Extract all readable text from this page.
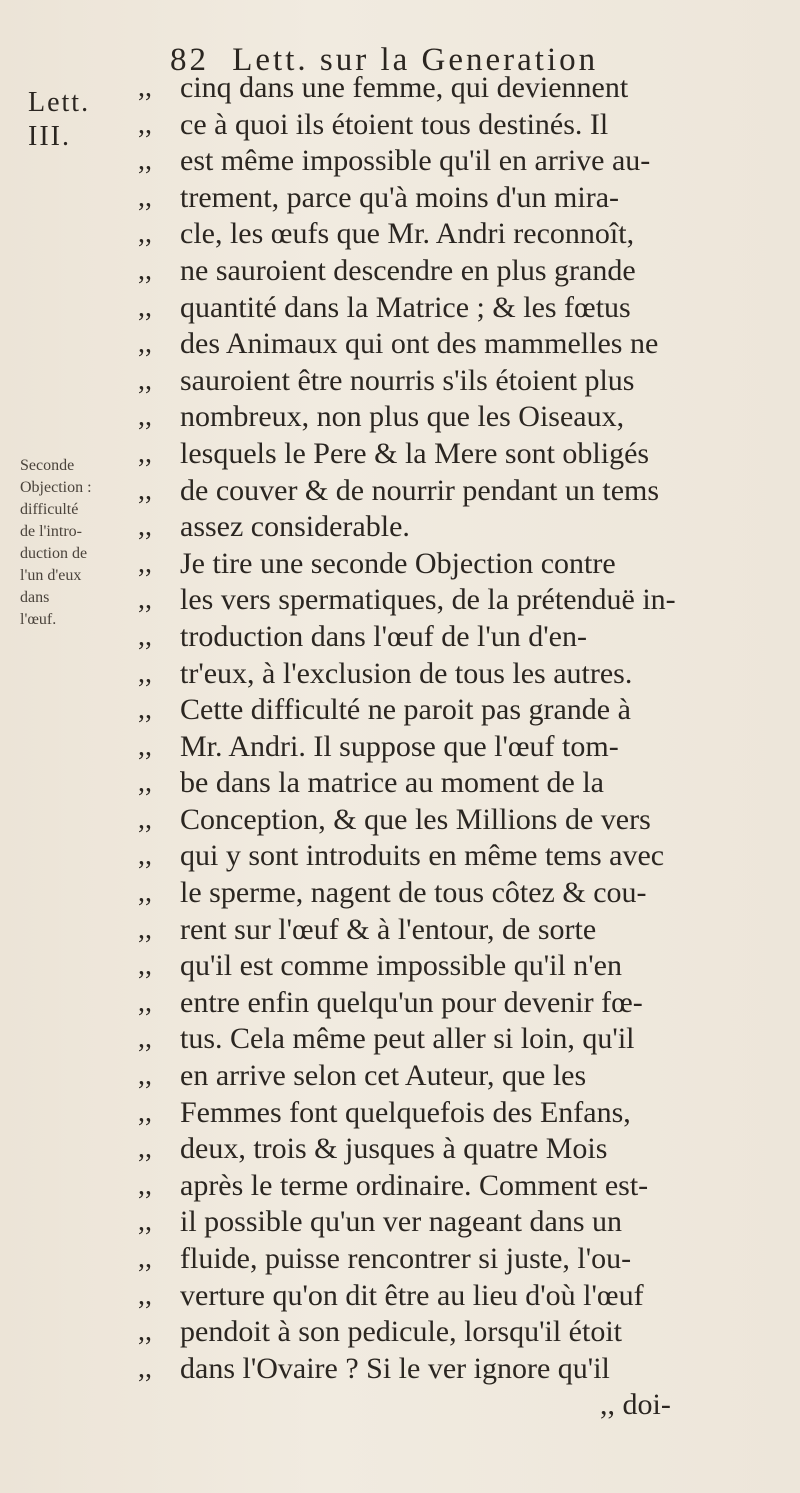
82 Lett. sur la Generation
Lett.
III.
Seconde
Objection :
difficulté
de l'intro-
duction de
l'un d'eux
dans
l'œuf.
,,
,,
,,
,,
,,
,,
,,
,,
,,
,,
,,
,,
,,
,,
,,
,,
,,
,,
,,
,,
,,
,,
,,
,,
,,
,,
,,
,,
,,
,,
,,
,,
,,
,,
,,
,,
cinq dans une femme, qui deviennent
ce à quoi ils étoient tous destinés. Il
est même impossible qu'il en arrive au-
trement, parce qu'à moins d'un mira-
cle, les œufs que Mr. Andri reconnoît,
ne sauroient descendre en plus grande
quantité dans la Matrice ; & les fœtus
des Animaux qui ont des mammelles ne
sauroient être nourris s'ils étoient plus
nombreux, non plus que les Oiseaux,
lesquels le Pere & la Mere sont obligés
de couver & de nourrir pendant un tems
assez considerable.
Je tire une seconde Objection contre
les vers spermatiques, de la prétenduë in-
troduction dans l'œuf de l'un d'en-
tr'eux, à l'exclusion de tous les autres.
Cette difficulté ne paroit pas grande à
Mr. Andri. Il suppose que l'œuf tom-
be dans la matrice au moment de la
Conception, & que les Millions de vers
qui y sont introduits en même tems avec
le sperme, nagent de tous côtez & cou-
rent sur l'œuf & à l'entour, de sorte
qu'il est comme impossible qu'il n'en
entre enfin quelqu'un pour devenir fœ-
tus. Cela même peut aller si loin, qu'il
en arrive selon cet Auteur, que les
Femmes font quelquefois des Enfans,
deux, trois & jusques à quatre Mois
après le terme ordinaire. Comment est-
il possible qu'un ver nageant dans un
fluide, puisse rencontrer si juste, l'ou-
verture qu'on dit être au lieu d'où l'œuf
pendoit à son pedicule, lorsqu'il étoit
dans l'Ovaire ? Si le ver ignore qu'il
,, doi-
